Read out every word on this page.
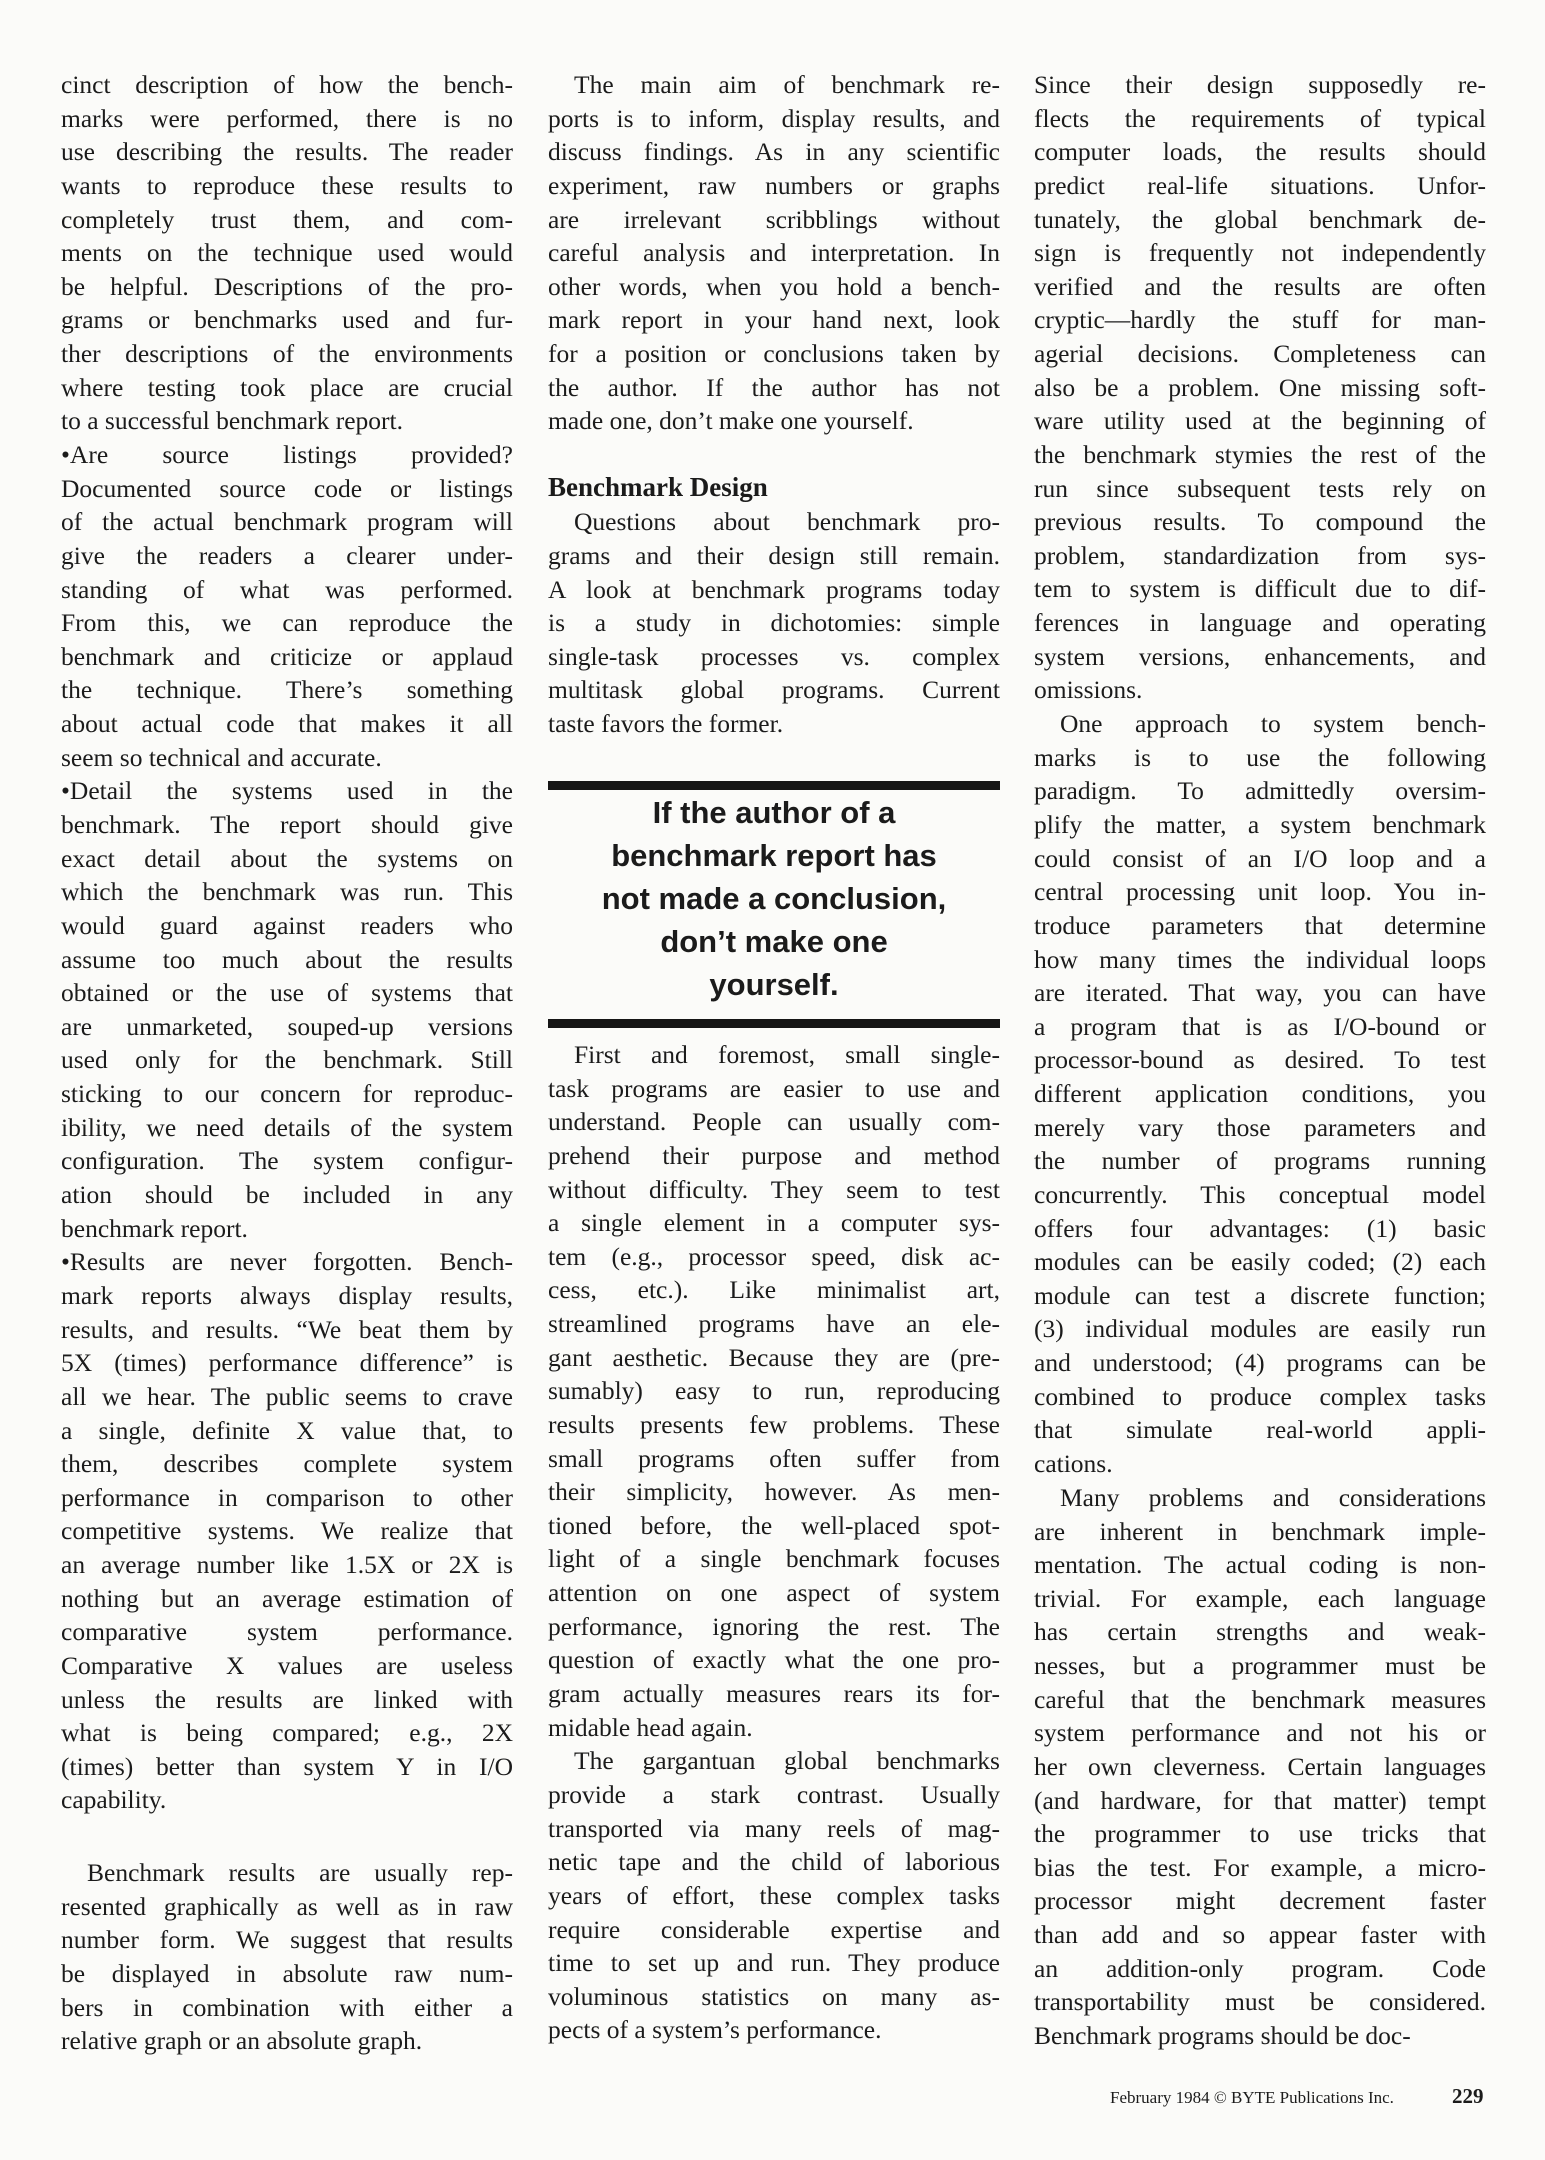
cinct description of how the bench-
marks were performed, there is no
use describing the results. The reader
wants to reproduce these results to
completely trust them, and com-
ments on the technique used would
be helpful. Descriptions of the pro-
grams or benchmarks used and fur-
ther descriptions of the environments
where testing took place are crucial
to a successful benchmark report.
•Are source listings provided?
Documented source code or listings
of the actual benchmark program will
give the readers a clearer under-
standing of what was performed.
From this, we can reproduce the
benchmark and criticize or applaud
the technique. There’s something
about actual code that makes it all
seem so technical and accurate.
•Detail the systems used in the
benchmark. The report should give
exact detail about the systems on
which the benchmark was run. This
would guard against readers who
assume too much about the results
obtained or the use of systems that
are unmarketed, souped-up versions
used only for the benchmark. Still
sticking to our concern for reproduc-
ibility, we need details of the system
configuration. The system configur-
ation should be included in any
benchmark report.
•Results are never forgotten. Bench-
mark reports always display results,
results, and results. “We beat them by
5X (times) performance difference” is
all we hear. The public seems to crave
a single, definite X value that, to
them, describes complete system
performance in comparison to other
competitive systems. We realize that
an average number like 1.5X or 2X is
nothing but an average estimation of
comparative system performance.
Comparative X values are useless
unless the results are linked with
what is being compared; e.g., 2X
(times) better than system Y in I/O
capability.
Benchmark results are usually rep-
resented graphically as well as in raw
number form. We suggest that results
be displayed in absolute raw num-
bers in combination with either a
relative graph or an absolute graph.
Benchmark Design
If the author of a
benchmark report has
not made a conclusion,
don’t make one
yourself.
The main aim of benchmark re-
ports is to inform, display results, and
discuss findings. As in any scientific
experiment, raw numbers or graphs
are irrelevant scribblings without
careful analysis and interpretation. In
other words, when you hold a bench-
mark report in your hand next, look
for a position or conclusions taken by
the author. If the author has not
made one, don’t make one yourself.
Questions about benchmark pro-
grams and their design still remain.
A look at benchmark programs today
is a study in dichotomies: simple
single-task processes vs. complex
multitask global programs. Current
taste favors the former.
First and foremost, small single-
task programs are easier to use and
understand. People can usually com-
prehend their purpose and method
without difficulty. They seem to test
a single element in a computer sys-
tem (e.g., processor speed, disk ac-
cess, etc.). Like minimalist art,
streamlined programs have an ele-
gant aesthetic. Because they are (pre-
sumably) easy to run, reproducing
results presents few problems. These
small programs often suffer from
their simplicity, however. As men-
tioned before, the well-placed spot-
light of a single benchmark focuses
attention on one aspect of system
performance, ignoring the rest. The
question of exactly what the one pro-
gram actually measures rears its for-
midable head again.
The gargantuan global benchmarks
provide a stark contrast. Usually
transported via many reels of mag-
netic tape and the child of laborious
years of effort, these complex tasks
require considerable expertise and
time to set up and run. They produce
voluminous statistics on many as-
pects of a system’s performance.
Since their design supposedly re-
flects the requirements of typical
computer loads, the results should
predict real-life situations. Unfor-
tunately, the global benchmark de-
sign is frequently not independently
verified and the results are often
cryptic—hardly the stuff for man-
agerial decisions. Completeness can
also be a problem. One missing soft-
ware utility used at the beginning of
the benchmark stymies the rest of the
run since subsequent tests rely on
previous results. To compound the
problem, standardization from sys-
tem to system is difficult due to dif-
ferences in language and operating
system versions, enhancements, and
omissions.
One approach to system bench-
marks is to use the following
paradigm. To admittedly oversim-
plify the matter, a system benchmark
could consist of an I/O loop and a
central processing unit loop. You in-
troduce parameters that determine
how many times the individual loops
are iterated. That way, you can have
a program that is as I/O-bound or
processor-bound as desired. To test
different application conditions, you
merely vary those parameters and
the number of programs running
concurrently. This conceptual model
offers four advantages: (1) basic
modules can be easily coded; (2) each
module can test a discrete function;
(3) individual modules are easily run
and understood; (4) programs can be
combined to produce complex tasks
that simulate real-world appli-
cations.
Many problems and considerations
are inherent in benchmark imple-
mentation. The actual coding is non-
trivial. For example, each language
has certain strengths and weak-
nesses, but a programmer must be
careful that the benchmark measures
system performance and not his or
her own cleverness. Certain languages
(and hardware, for that matter) tempt
the programmer to use tricks that
bias the test. For example, a micro-
processor might decrement faster
than add and so appear faster with
an addition-only program. Code
transportability must be considered.
Benchmark programs should be doc-
February 1984 © BYTE Publications Inc.	229
